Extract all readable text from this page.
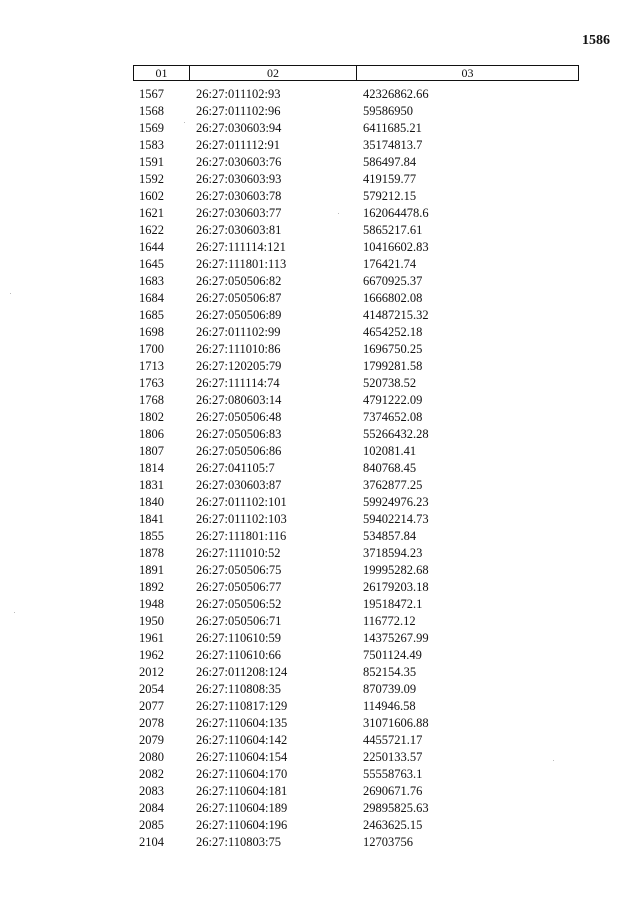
1586
01	02	03
1567	26:27:011102:93	42326862.66
1568	26:27:011102:96	59586950
1569	26:27:030603:94	6411685.21
1583	26:27:011112:91	35174813.7
1591	26:27:030603:76	586497.84
1592	26:27:030603:93	419159.77
1602	26:27:030603:78	579212.15
1621	26:27:030603:77	162064478.6
1622	26:27:030603:81	5865217.61
1644	26:27:111114:121	10416602.83
1645	26:27:111801:113	176421.74
1683	26:27:050506:82	6670925.37
1684	26:27:050506:87	1666802.08
1685	26:27:050506:89	41487215.32
1698	26:27:011102:99	4654252.18
1700	26:27:111010:86	1696750.25
1713	26:27:120205:79	1799281.58
1763	26:27:111114:74	520738.52
1768	26:27:080603:14	4791222.09
1802	26:27:050506:48	7374652.08
1806	26:27:050506:83	55266432.28
1807	26:27:050506:86	102081.41
1814	26:27:041105:7	840768.45
1831	26:27:030603:87	3762877.25
1840	26:27:011102:101	59924976.23
1841	26:27:011102:103	59402214.73
1855	26:27:111801:116	534857.84
1878	26:27:111010:52	3718594.23
1891	26:27:050506:75	19995282.68
1892	26:27:050506:77	26179203.18
1948	26:27:050506:52	19518472.1
1950	26:27:050506:71	116772.12
1961	26:27:110610:59	14375267.99
1962	26:27:110610:66	7501124.49
2012	26:27:011208:124	852154.35
2054	26:27:110808:35	870739.09
2077	26:27:110817:129	114946.58
2078	26:27:110604:135	31071606.88
2079	26:27:110604:142	4455721.17
2080	26:27:110604:154	2250133.57
2082	26:27:110604:170	55558763.1
2083	26:27:110604:181	2690671.76
2084	26:27:110604:189	29895825.63
2085	26:27:110604:196	2463625.15
2104	26:27:110803:75	12703756
